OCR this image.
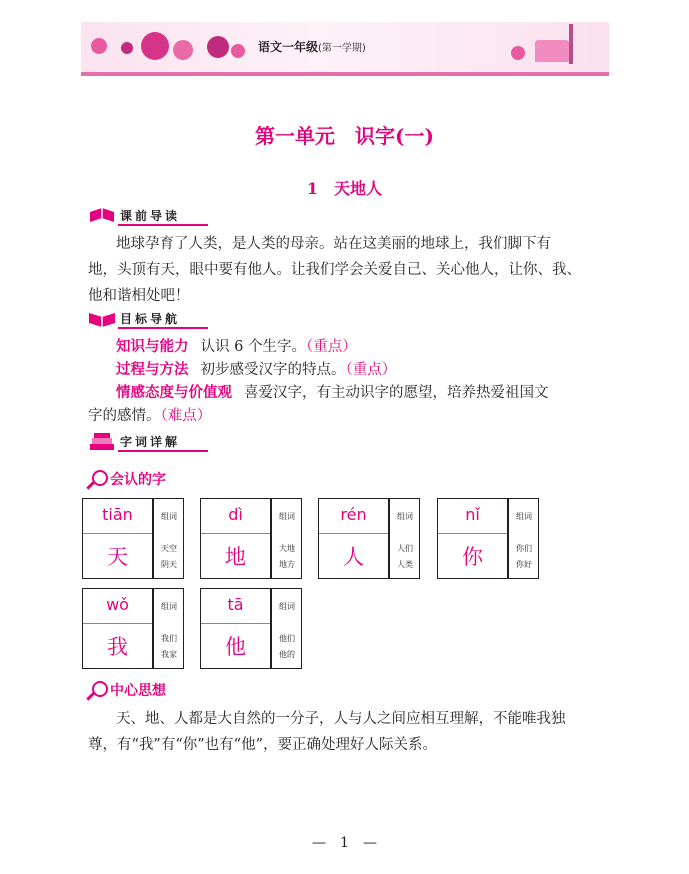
语文一年级(第一学期)
第一单元　识字(一)
1　天地人
课前导读
地球孕育了人类，是人类的母亲。站在这美丽的地球上，我们脚下有
地，头顶有天，眼中要有他人。让我们学会关爱自己、关心他人，让你、我、
他和谐相处吧！
目标导航
知识与能力 认识 6 个生字。（重点）
过程与方法 初步感受汉字的特点。（重点）
情感态度与价值观 喜爱汉字，有主动识字的愿望，培养热爱祖国文
字的感情。（难点）
字词详解
会认的字
tiān
天
组词
天空
阴天
dì
地
组词
大地
地方
rén
人
组词
人们
人类
nǐ
你
组词
你们
你好
wǒ
我
组词
我们
我家
tā
他
组词
他们
他的
中心思想
天、地、人都是大自然的一分子，人与人之间应相互理解，不能唯我独
尊，有“我”有“你”也有“他”，要正确处理好人际关系。
—　1　—
